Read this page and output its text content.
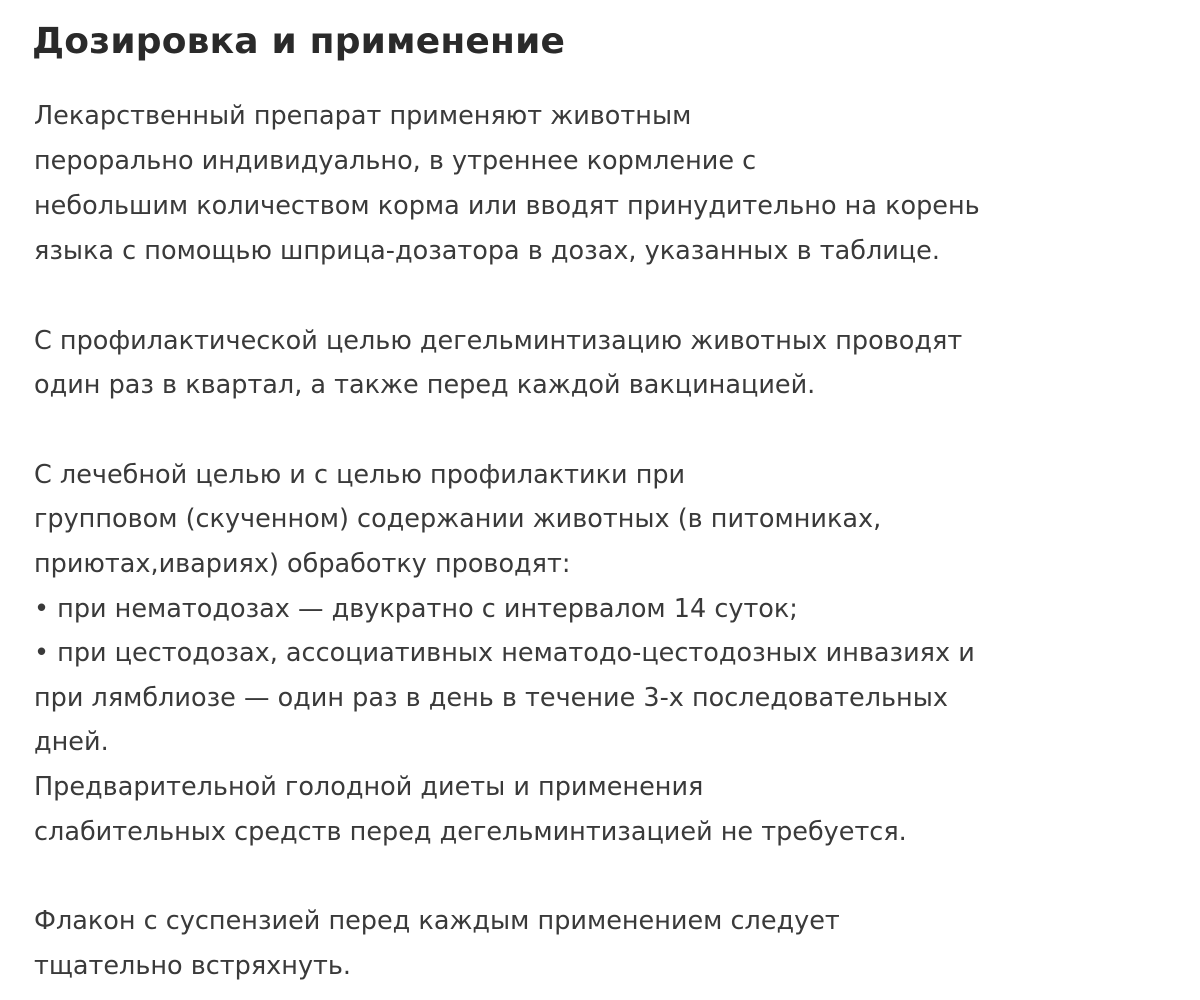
Дозировка и применение

Лекарственный препарат применяют животным

перорально индивидуально, в утреннее кормление с

небольшим количеством корма или вводят принудительно на корень

языка с помощью шприца-дозатора в дозах, указанных в таблице.

С профилактической целью дегельминтизацию животных проводят

один раз в квартал, а также перед каждой вакцинацией.

С лечебной целью и с целью профилактики при

групповом (скученном) содержании животных (в питомниках,

приютах,ивариях) обработку проводят:

• при нематодозах — двукратно с интервалом 14 суток;

• при цестодозах, ассоциативных нематодо-цестодозных инвазиях и

при лямблиозе — один раз в день в течение 3-х последовательных

дней.

Предварительной голодной диеты и применения

слабительных средств перед дегельминтизацией не требуется.

Флакон с суспензией перед каждым применением следует

тщательно встряхнуть.
